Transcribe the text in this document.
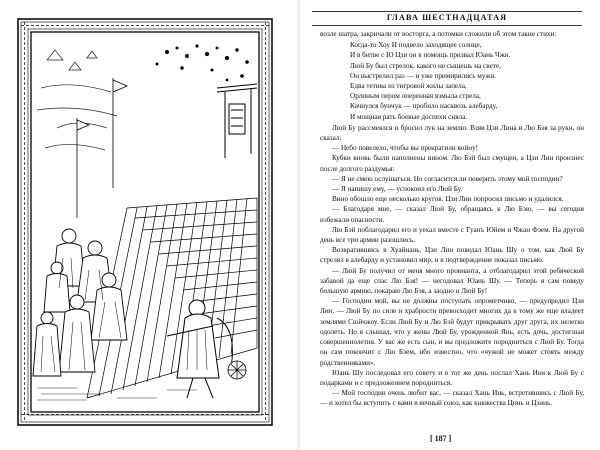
ГЛАВА ШЕСТНАДЦАТАЯ

возле шатра, закричали от восторга, а потомки сложили об этом такие стихи:

Когда-то Хоу И подвело заходящее солнце,
И в битве с Ю Цзи он в помощь призвал Юань Чжи.
Люй Бу был стрелок, какого не сыщешь на свете,
Он выстрелил раз — и уже примирились мужи.
Едва тетива из тигровой жилы запела,
Орлиным пером оперенная взмыла стрела,
Качнулся бунчук — пробило насквозь алебарду,
И мощная рать боевые доспехи сняла.

Люй Бу рассмеялся и бросил лук на землю. Взяв Цзи Лина и Лю Бэя за руки, он сказал:

— Небо повелело, чтобы вы прекратили войну!

Кубки вновь были наполнены вином. Лю Бэй был смущен, а Цзи Лин произнес после долгого раздумья:

— Я не смею ослушаться. Но согласится ли поверить этому мой господин?

— Я напишу ему, — успокоил его Люй Бу.

Вино обошло еще несколько кругов. Цзи Лин попросил письмо и удалился.

— Благодаря мне, — сказал Люй Бу, обращаясь к Лю Бэю, — вы сегодня избежали опасности.

Лю Бэй поблагодарил его и уехал вместе с Гуанъ Юйем и Чжан Фэем. На другой день все три армии разошлись.

Возвратившись в Хуайнань, Цзи Лин поведал Юань Шу о том, как Люй Бу стрелял в алебарду и установил мир, и в подтверждение показал письмо.

— Люй Бу получил от меня много провианта, а отблагодарил этой ребяческой забавой да еще спас Лю Бэя! — негодовал Юань Шу. — Теперь я сам поведу большую армию, покараю Лю Бэя, а заодно и Люй Бу!

— Господин мой, вы не должны поступать опрометчиво, — предупредил Цзи Лин. — Люй Бу по силе и храбрости превосходит многих да к тому же еще владеет землями Сюйчжоу. Если Люй Бу и Лю Бэй будут прикрывать друг друга, их нелегко одолеть. Но я слышал, что у жены Люй Бу, урожденной Янь, есть дочь, достигшая совершеннолетия. У вас же есть сын, и вы предложите породниться с Люй Бу. Тогда он сам покончит с Лю Бэем, ибо известно, что «чужой не может стоять между родственниками».

Юань Шу последовал его совету и в тот же день послал Хань Иня к Люй Бу с подарками и с предложением породниться.

— Мой господин очень любит вас, — сказал Хань Инь, встретившись с Люй Бу, — и хотел бы вступить с вами в вечный союз, как княжества Цинь и Цзинь.

[ 187 ]
